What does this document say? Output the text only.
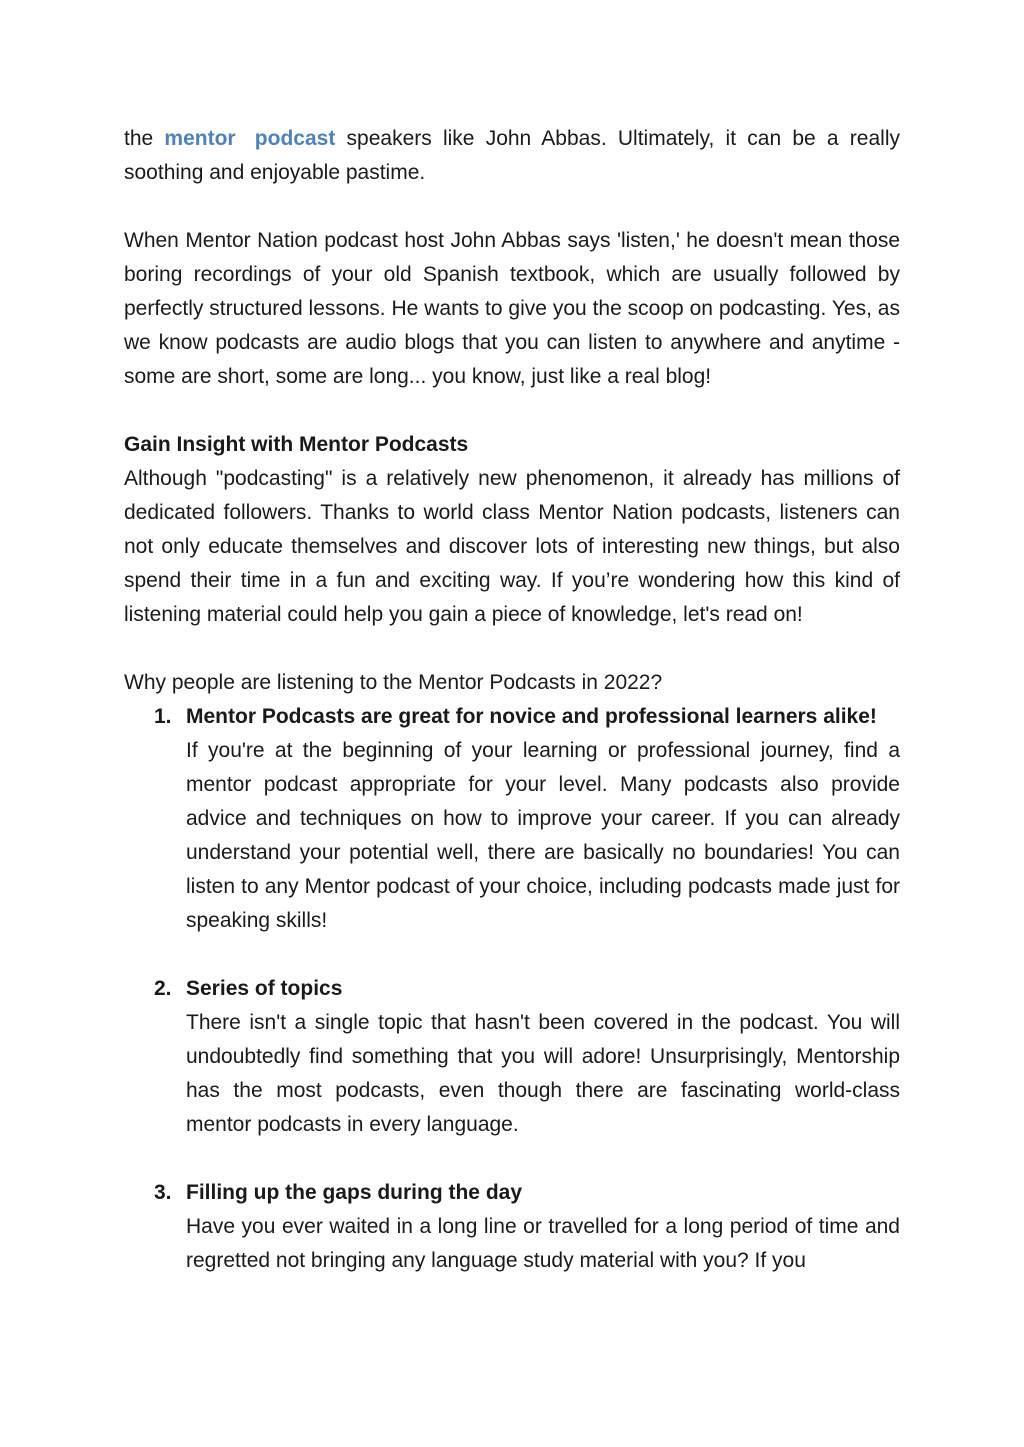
the mentor podcast speakers like John Abbas. Ultimately, it can be a really soothing and enjoyable pastime.

When Mentor Nation podcast host John Abbas says 'listen,' he doesn't mean those boring recordings of your old Spanish textbook, which are usually followed by perfectly structured lessons. He wants to give you the scoop on podcasting. Yes, as we know podcasts are audio blogs that you can listen to anywhere and anytime - some are short, some are long... you know, just like a real blog!

Gain Insight with Mentor Podcasts

Although "podcasting" is a relatively new phenomenon, it already has millions of dedicated followers. Thanks to world class Mentor Nation podcasts, listeners can not only educate themselves and discover lots of interesting new things, but also spend their time in a fun and exciting way. If you’re wondering how this kind of listening material could help you gain a piece of knowledge, let's read on!

Why people are listening to the Mentor Podcasts in 2022?

1. Mentor Podcasts are great for novice and professional learners alike!

If you're at the beginning of your learning or professional journey, find a mentor podcast appropriate for your level. Many podcasts also provide advice and techniques on how to improve your career. If you can already understand your potential well, there are basically no boundaries! You can listen to any Mentor podcast of your choice, including podcasts made just for speaking skills!

2. Series of topics

There isn't a single topic that hasn't been covered in the podcast. You will undoubtedly find something that you will adore! Unsurprisingly, Mentorship has the most podcasts, even though there are fascinating world-class mentor podcasts in every language.

3. Filling up the gaps during the day

Have you ever waited in a long line or travelled for a long period of time and regretted not bringing any language study material with you? If you
